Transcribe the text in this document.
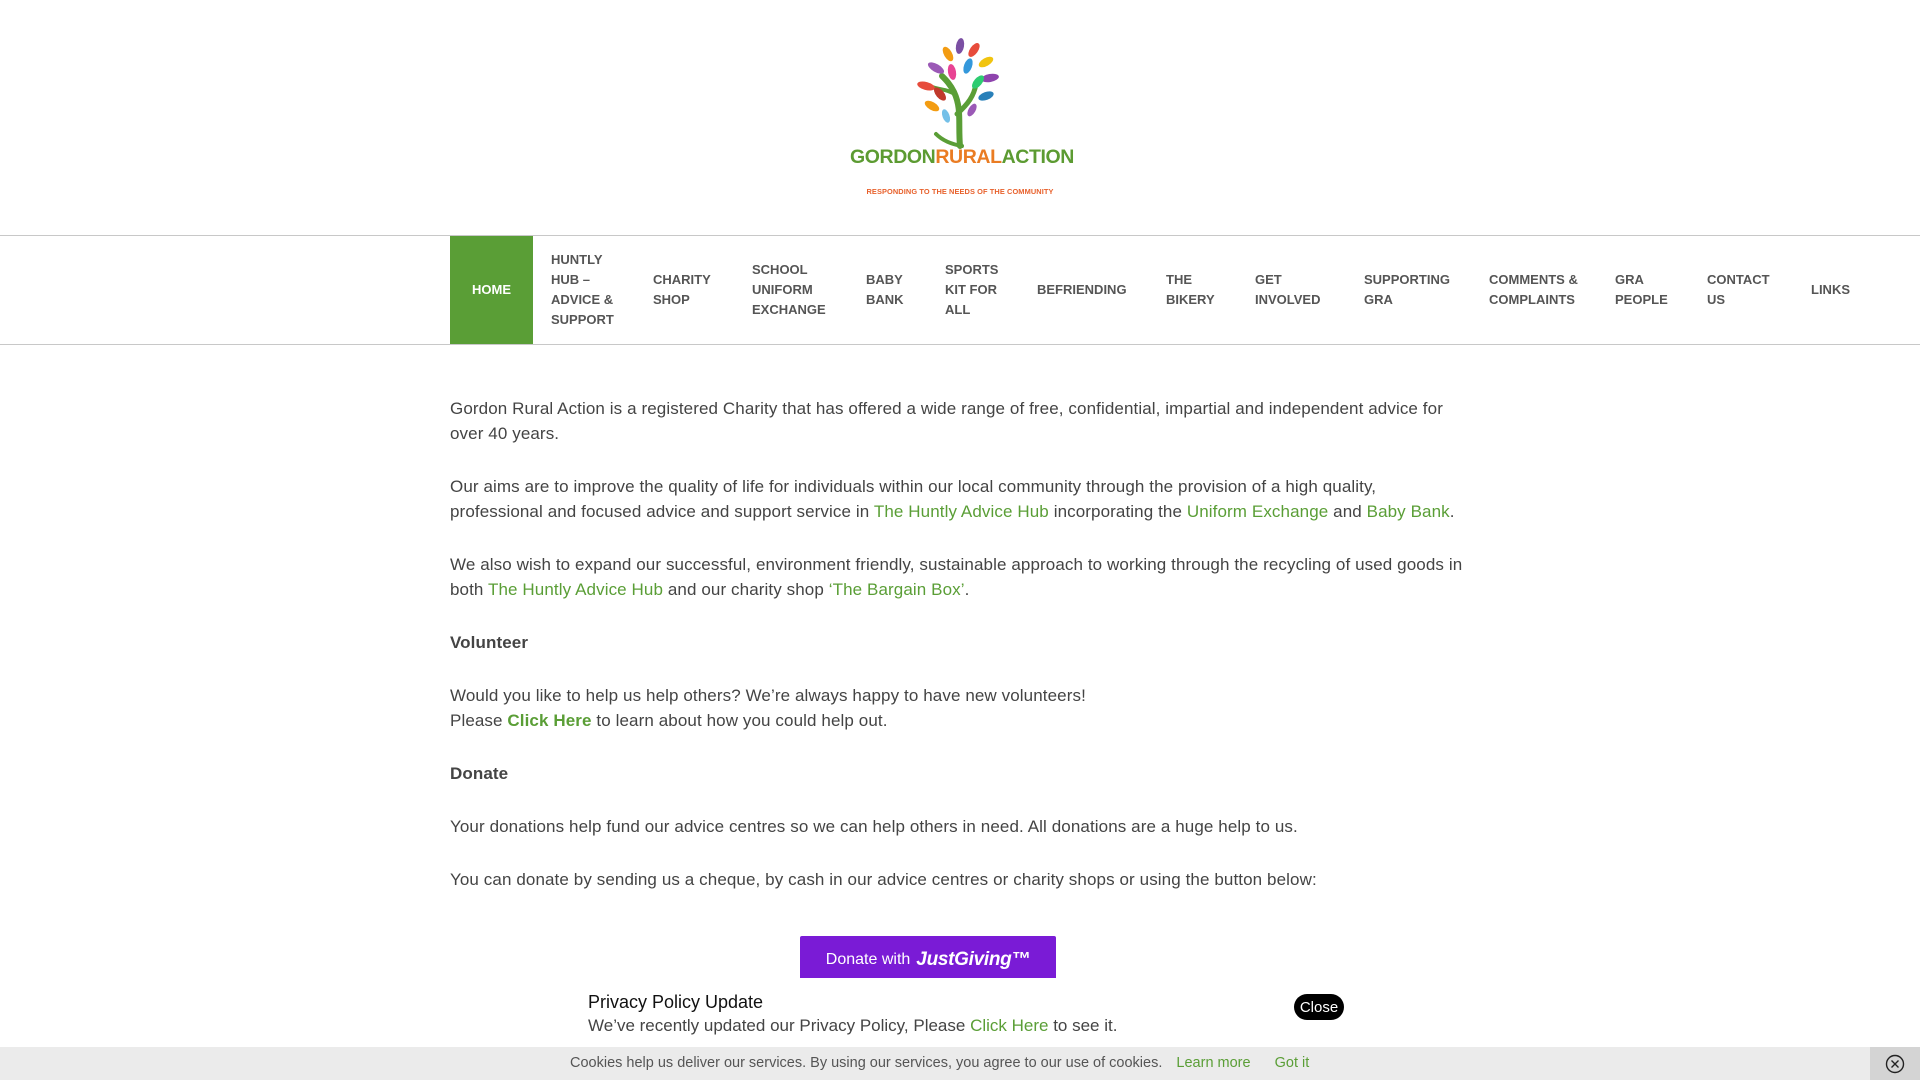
GORDONRURALACTION
RESPONDING TO THE NEEDS OF THE COMMUNITY
HOME
HUNTLY HUB – ADVICE & SUPPORT
CHARITY SHOP
SCHOOL UNIFORM EXCHANGE
BABY BANK
SPORTS KIT FOR ALL
BEFRIENDING
THE BIKERY
GET INVOLVED
SUPPORTING GRA
COMMENTS & COMPLAINTS
GRA PEOPLE
CONTACT US
LINKS

Gordon Rural Action is a registered Charity that has offered a wide range of free, confidential, impartial and independent advice for over 40 years.

Our aims are to improve the quality of life for individuals within our local community through the provision of a high quality, professional and focused advice and support service in The Huntly Advice Hub incorporating the Uniform Exchange and Baby Bank.

We also wish to expand our successful, environment friendly, sustainable approach to working through the recycling of used goods in both The Huntly Advice Hub and our charity shop ‘The Bargain Box’.

Volunteer

Would you like to help us help others? We’re always happy to have new volunteers!
Please Click Here to learn about how you could help out.

Donate

Your donations help fund our advice centres so we can help others in need. All donations are a huge help to us.

You can donate by sending us a cheque, by cash in our advice centres or charity shops or using the button below:

Donate with JustGiving™
Privacy Policy Update
We’ve recently updated our Privacy Policy, Please Click Here to see it.
Close
Cookies help us deliver our services. By using our services, you agree to our use of cookies. Learn more Got it
